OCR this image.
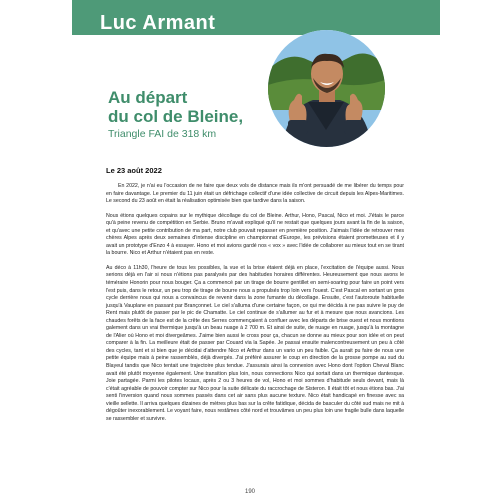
Luc Armant
Au départ
du col de Bleine,
Triangle FAI de 318 km
Le 23 août 2022

En 2022, je n'ai eu l'occasion de ne faire que deux vols de distance mais ils m'ont persuadé de me libérer du temps pour en faire davantage. Le premier du 11 juin était un défrichage collectif d'une idée collective de circuit depuis les Alpes-Maritimes. Le second du 23 août en était la réalisation optimisée bien que tardive dans la saison.

Nous étions quelques copains sur le mythique décollage du col de Bleine. Arthur, Hono, Pascal, Nico et moi. J'étais le parce qu'à peine revenu de compétition en Serbie. Bruno m'avait expliqué qu'il ne restait que quelques jours avant la fin de la saison, et qu'avec une petite contribution de ma part, notre club pouvait repasser en première position. J'aimais l'idée de retrouver mes chères Alpes après deux semaines d'intense discipline en championnat d'Europe, les prévisions étaient prometteuses et il y avait un prototype d'Enzo 4 à essayer. Hono et moi avions gardé nos « vox » avec l'idée de collaborer au mieux tout en se tirant la bourre. Nico et Arthur n'étaient pas en reste.

Au déco à 11h30, l'heure de tous les possibles, la vue et la brise étaient déjà en place, l'excitation de l'équipe aussi. Nous serions déjà en l'air si nous n'étions pas paralysés par des habitudes horaires différentes. Heureusement que nous avons le téméraire Honorin pour nous bouger. Ça a commencé par un tirage de bourre gentillet en semi-soaring pour faire un point vers l'est puis, dans le retour, un peu trop de tirage de bourre nous a propulsés trop loin vers l'ouest. C'est Pascal en sortant un gros cycle derrière nous qui nous a convaincus de revenir dans la zone fumante du décollage. Ensuite, c'est l'autoroute habituelle jusqu'à Vauplane en passant par Brançonnet. Le ciel s'alluma d'une certaine façon, ce qui me décida à ne pas suivre le puy de Rent mais plutôt de passer par le pic de Chamatte. Le ciel continue de s'allumer au fur et à mesure que nous avancions. Les chaudes forêts de la face est de la crête des Serres commençaient à confluer avec les départs de brise ouest et nous montions galement dans un vrai thermique jusqu'à un beau nuage à 2 700 m. Et ainsi de suite, de nuage en nuage, jusqu'à la montagne de l'Alier où Hono et moi divergeâmes. J'aime bien aussi le cross pour ça, chacun se donne au mieux pour son idée et on peut comparer à la fin. La meilleure était de passer par Couard via la Sapée. Je passai ensuite malencontreusement un peu à côté des cycles, tant et si bien que je décidai d'attendre Nico et Arthur dans un vario un peu faible. Ça aurait pu faire de nous une petite équipe mais à peine rassemblés, déjà divergés. J'ai préféré assurer le coup en direction de la grosse pompe au sud du Blayeul tandis que Nico tentait une trajectoire plus tendue. J'assurais ainsi la connexion avec Hono dont l'option Cheval Blanc avait été plutôt moyenne également. Une transition plus loin, nous connections Nico qui sortait dans un thermique dantesque. Joie partagée. Parmi les pilotes locaux, après 2 ou 3 heures de vol, Hono et moi sommes d'habitude seuls devant, mais là c'était agréable de pouvoir compter sur Nico pour la suite délicate du raccrochage de Sisteron. Il était tôt et nous étions bas. J'ai senti l'inversion quand nous sommes passés dans cet air sans plus aucune texture. Nico était handicapé en finesse avec sa vieille sellette. Il arriva quelques dizaines de mètres plus bas sur la crête fatidique, décida de basculer du côté sud mais ne mit à dégoûter inexorablement. Le voyant faire, nous restâmes côté nord et trouvâmes un peu plus loin une fragile bulle dans laquelle se rassembler et survivre.

190
